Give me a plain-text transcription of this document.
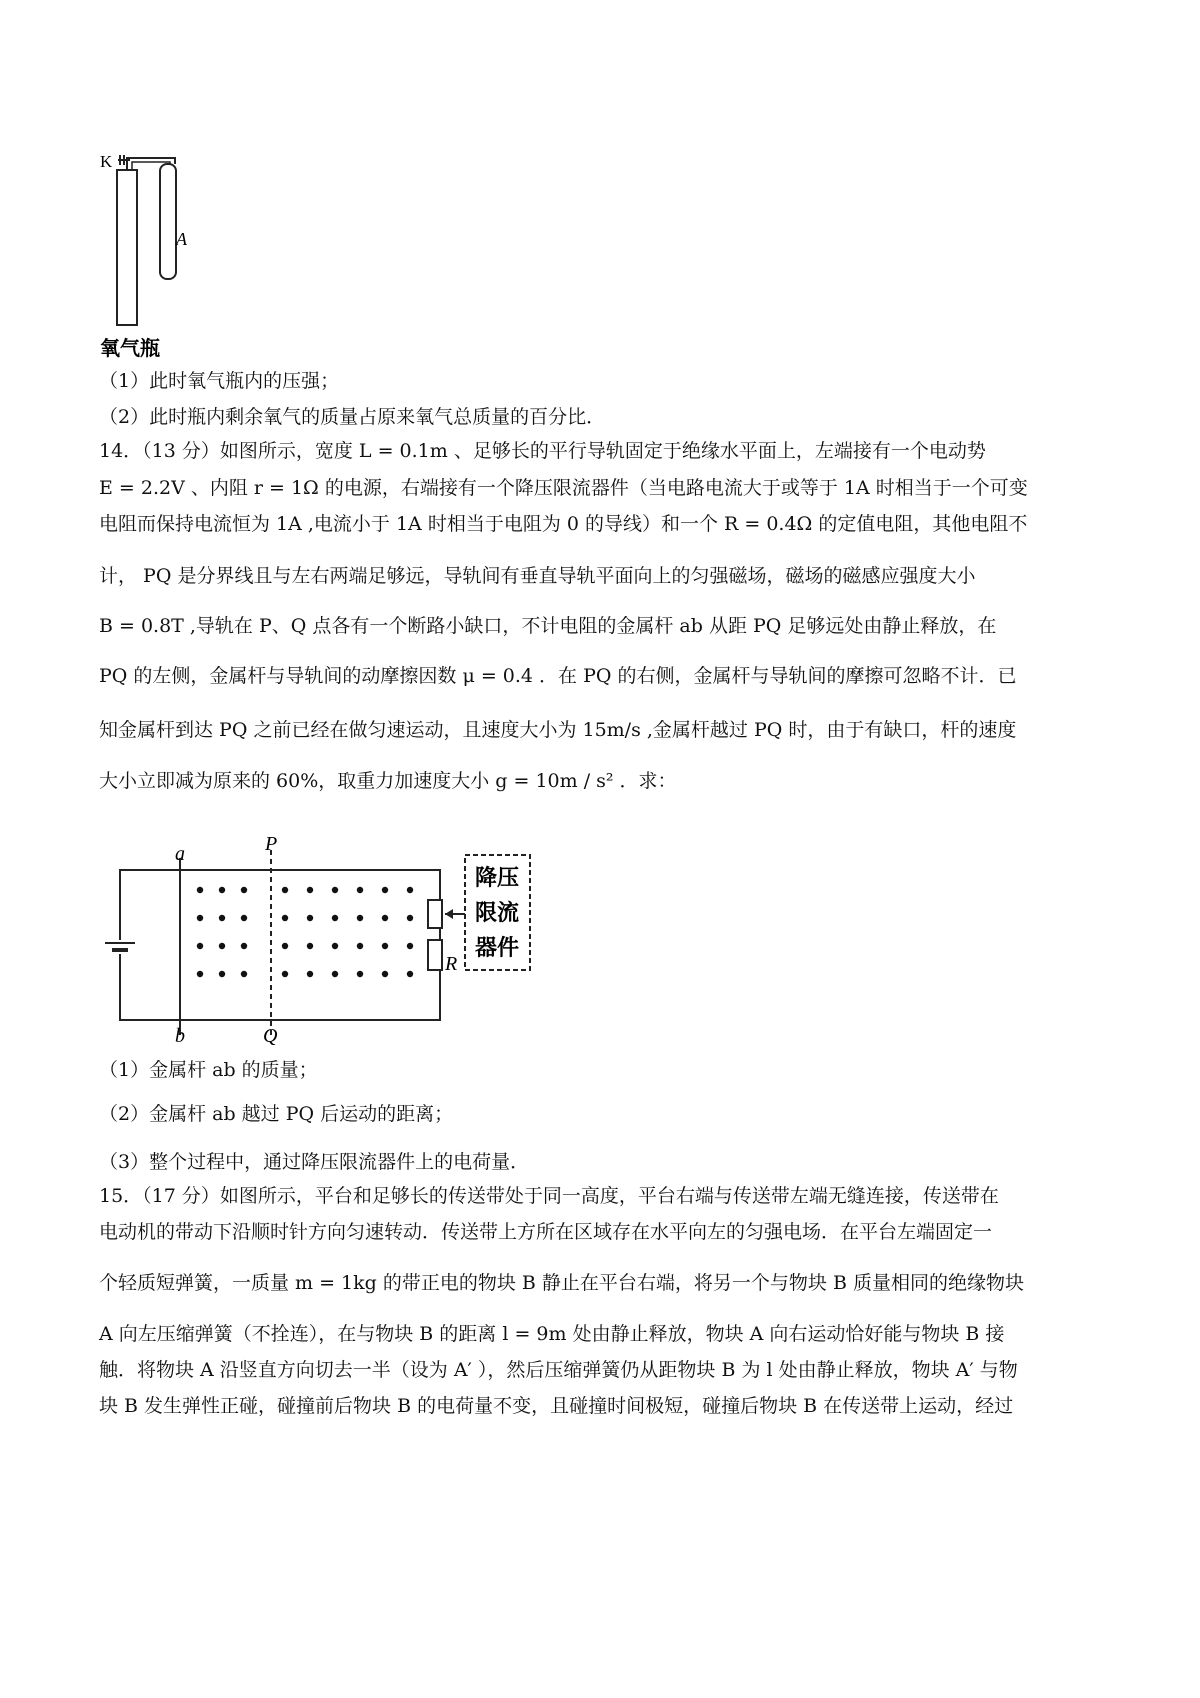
K
A
氧气瓶
（1）此时氧气瓶内的压强；
（2）此时瓶内剩余氧气的质量占原来氧气总质量的百分比．
14．（13 分）如图所示，宽度 L = 0.1m 、足够长的平行导轨固定于绝缘水平面上，左端接有一个电动势
E = 2.2V 、内阻 r = 1Ω 的电源，右端接有一个降压限流器件（当电路电流大于或等于 1A 时相当于一个可变
电阻而保持电流恒为 1A ,电流小于 1A 时相当于电阻为 0 的导线）和一个 R = 0.4Ω 的定值电阻，其他电阻不
计， PQ 是分界线且与左右两端足够远，导轨间有垂直导轨平面向上的匀强磁场，磁场的磁感应强度大小
B = 0.8T ,导轨在 P、Q 点各有一个断路小缺口，不计电阻的金属杆 ab 从距 PQ 足够远处由静止释放，在
PQ 的左侧，金属杆与导轨间的动摩擦因数 μ = 0.4 ．在 PQ 的右侧，金属杆与导轨间的摩擦可忽略不计．已
知金属杆到达 PQ 之前已经在做匀速运动，且速度大小为 15m/s ,金属杆越过 PQ 时，由于有缺口，杆的速度
大小立即减为原来的 60%，取重力加速度大小 g = 10m / s² ．求：
降压
限流
器件
a
b
P
Q
R
（1）金属杆 ab 的质量；
（2）金属杆 ab 越过 PQ 后运动的距离；
（3）整个过程中，通过降压限流器件上的电荷量．
15．（17 分）如图所示，平台和足够长的传送带处于同一高度，平台右端与传送带左端无缝连接，传送带在
电动机的带动下沿顺时针方向匀速转动．传送带上方所在区域存在水平向左的匀强电场．在平台左端固定一
个轻质短弹簧，一质量 m = 1kg 的带正电的物块 B 静止在平台右端，将另一个与物块 B 质量相同的绝缘物块
A 向左压缩弹簧（不拴连），在与物块 B 的距离 l = 9m 处由静止释放，物块 A 向右运动恰好能与物块 B 接
触．将物块 A 沿竖直方向切去一半（设为 A′ ），然后压缩弹簧仍从距物块 B 为 l 处由静止释放，物块 A′ 与物
块 B 发生弹性正碰，碰撞前后物块 B 的电荷量不变，且碰撞时间极短，碰撞后物块 B 在传送带上运动，经过
